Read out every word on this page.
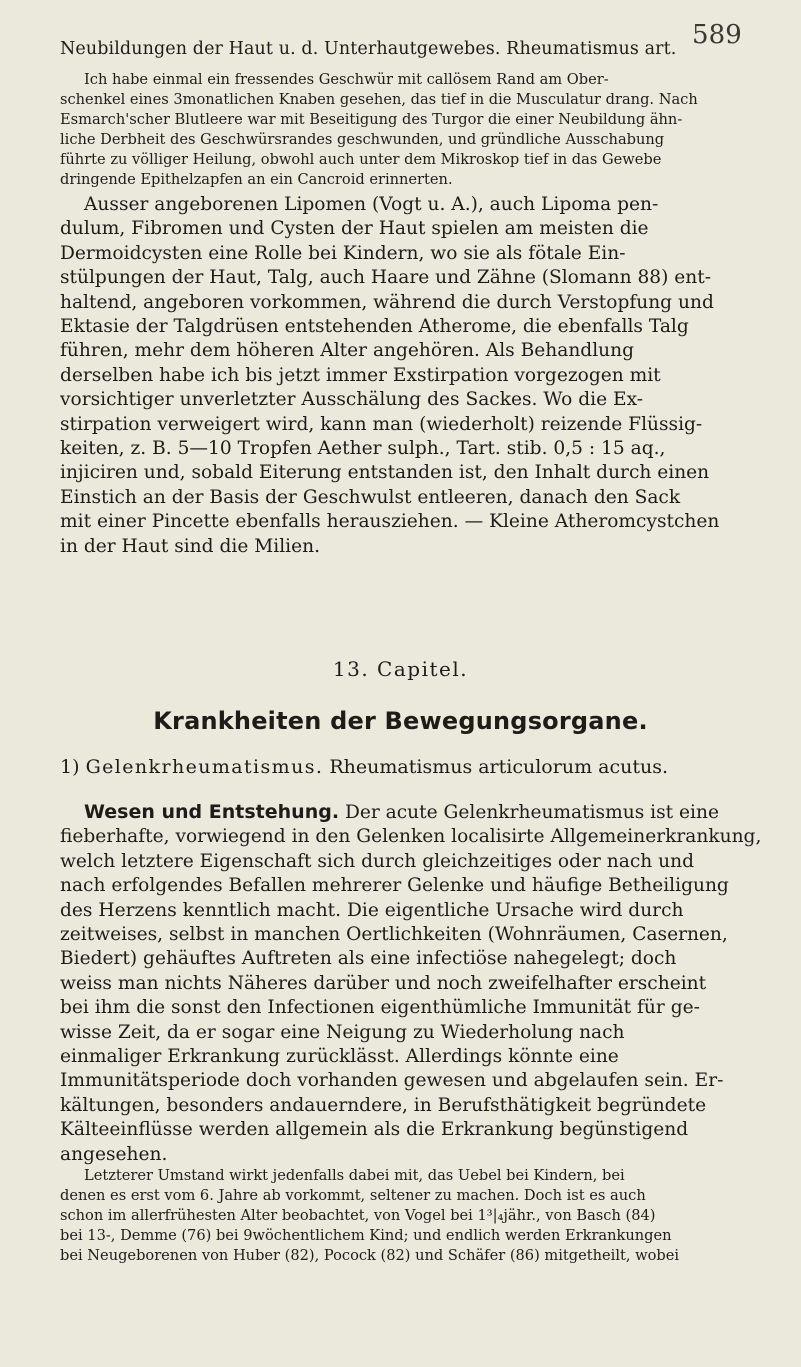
Neubildungen der Haut u. d. Unterhautgewebes. Rheumatismus art. 589
Ich habe einmal ein fressendes Geschwür mit callösem Rand am Ober-
schenkel eines 3monatlichen Knaben gesehen, das tief in die Musculatur drang. Nach
Esmarch'scher Blutleere war mit Beseitigung des Turgor die einer Neubildung ähn-
liche Derbheit des Geschwürsrandes geschwunden, und gründliche Ausschabung
führte zu völliger Heilung, obwohl auch unter dem Mikroskop tief in das Gewebe
dringende Epithelzapfen an ein Cancroid erinnerten.
Ausser angeborenen Lipomen (Vogt u. A.), auch Lipoma pen-
dulum, Fibromen und Cysten der Haut spielen am meisten die
Dermoidcysten eine Rolle bei Kindern, wo sie als fötale Ein-
stülpungen der Haut, Talg, auch Haare und Zähne (Slomann 88) ent-
haltend, angeboren vorkommen, während die durch Verstopfung und
Ektasie der Talgdrüsen entstehenden Atherome, die ebenfalls Talg
führen, mehr dem höheren Alter angehören. Als Behandlung
derselben habe ich bis jetzt immer Exstirpation vorgezogen mit
vorsichtiger unverletzter Ausschälung des Sackes. Wo die Ex-
stirpation verweigert wird, kann man (wiederholt) reizende Flüssig-
keiten, z. B. 5—10 Tropfen Aether sulph., Tart. stib. 0,5 : 15 aq.,
injiciren und, sobald Eiterung entstanden ist, den Inhalt durch einen
Einstich an der Basis der Geschwulst entleeren, danach den Sack
mit einer Pincette ebenfalls herausziehen. — Kleine Atheromcystchen
in der Haut sind die Milien.
13. Capitel.
Krankheiten der Bewegungsorgane.
1) Gelenkrheumatismus. Rheumatismus articulorum acutus.
Wesen und Entstehung. Der acute Gelenkrheumatismus ist eine
fieberhafte, vorwiegend in den Gelenken localisirte Allgemeinerkrankung,
welch letztere Eigenschaft sich durch gleichzeitiges oder nach und
nach erfolgendes Befallen mehrerer Gelenke und häufige Betheiligung
des Herzens kenntlich macht. Die eigentliche Ursache wird durch
zeitweises, selbst in manchen Oertlichkeiten (Wohnräumen, Casernen,
Biedert) gehäuftes Auftreten als eine infectiöse nahegelegt; doch
weiss man nichts Näheres darüber und noch zweifelhafter erscheint
bei ihm die sonst den Infectionen eigenthümliche Immunität für ge-
wisse Zeit, da er sogar eine Neigung zu Wiederholung nach
einmaliger Erkrankung zurücklässt. Allerdings könnte eine
Immunitätsperiode doch vorhanden gewesen und abgelaufen sein. Er-
kältungen, besonders andauerndere, in Berufsthätigkeit begründete
Kälteeinflüsse werden allgemein als die Erkrankung begünstigend
angesehen.
Letzterer Umstand wirkt jedenfalls dabei mit, das Uebel bei Kindern, bei
denen es erst vom 6. Jahre ab vorkommt, seltener zu machen. Doch ist es auch
schon im allerfrühesten Alter beobachtet, von Vogel bei 1³|₄jähr., von Basch (84)
bei 13-, Demme (76) bei 9wöchentlichem Kind; und endlich werden Erkrankungen
bei Neugeborenen von Huber (82), Pocock (82) und Schäfer (86) mitgetheilt, wobei
